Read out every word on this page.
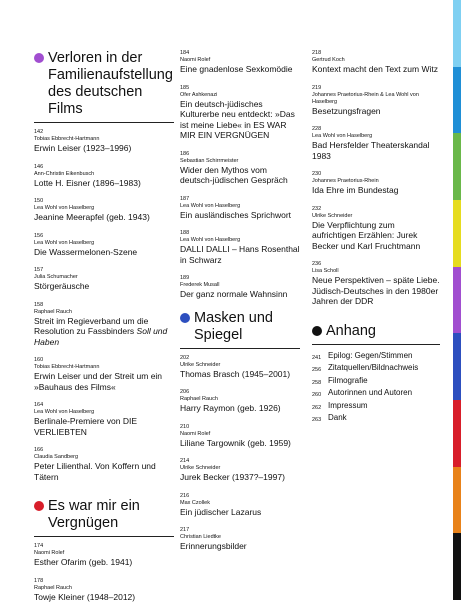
Verloren in der Familienaufstellung des deutschen Films
142
Tobias Ebbrecht-Hartmann
Erwin Leiser (1923–1996)
146
Ann-Christin Eikenbusch
Lotte H. Eisner (1896–1983)
150
Lea Wohl von Haselberg
Jeanine Meerapfel (geb. 1943)
156
Lea Wohl von Haselberg
Die Wassermelonen-Szene
157
Julia Schumacher
Störgeräusche
158
Raphael Rauch
Streit im Regieverband um die Resolution zu Fassbinders Soll und Haben
160
Tobias Ebbrecht-Hartmann
Erwin Leiser und der Streit um ein »Bauhaus des Films«
164
Lea Wohl von Haselberg
Berlinale-Premiere von DIE VERLIEBTEN
166
Claudia Sandberg
Peter Lilienthal. Von Koffern und Tätern
Es war mir ein Vergnügen
174
Naomi Rolef
Esther Ofarim (geb. 1941)
178
Raphael Rauch
Towje Kleiner (1948–2012)
184
Naomi Rolef
Eine gnadenlose Sexkomödie
185
Ofer Ashkenazi
Ein deutsch-jüdisches Kulturerbe neu entdeckt: »Das ist meine Liebe« in ES WAR MIR EIN VERGNÜGEN
186
Sebastian Schirrmeister
Wider den Mythos vom deutsch-jüdischen Gespräch
187
Lea Wohl von Haselberg
Ein ausländisches Sprichwort
188
Lea Wohl von Haselberg
DALLI DALLI – Hans Rosenthal in Schwarz
189
Frederek Musall
Der ganz normale Wahnsinn
Masken und Spiegel
202
Ulrike Schneider
Thomas Brasch (1945–2001)
206
Raphael Rauch
Harry Raymon (geb. 1926)
210
Naomi Rolef
Liliane Targownik (geb. 1959)
214
Ulrike Schneider
Jurek Becker (1937?–1997)
216
Max Czollek
Ein jüdischer Lazarus
217
Christian Liedtke
Erinnerungsbilder
218
Gertrud Koch
Kontext macht den Text zum Witz
219
Johannes Praetorius-Rhein & Lea Wohl von Haselberg
Besetzungsfragen
228
Lea Wohl von Haselberg
Bad Hersfelder Theaterskandal 1983
230
Johannes Praetorius-Rhein
Ida Ehre im Bundestag
232
Ulrike Schneider
Die Verpflichtung zum aufrichtigen Erzählen: Jurek Becker und Karl Fruchtmann
236
Lisa Scholl
Neue Perspektiven – späte Liebe. Jüdisch-Deutsches in den 1980er Jahren der DDR
Anhang
241 Epilog: Gegen/Stimmen
256 Zitatquellen/Bildnachweis
258 Filmografie
260 Autorinnen und Autoren
262 Impressum
263 Dank
